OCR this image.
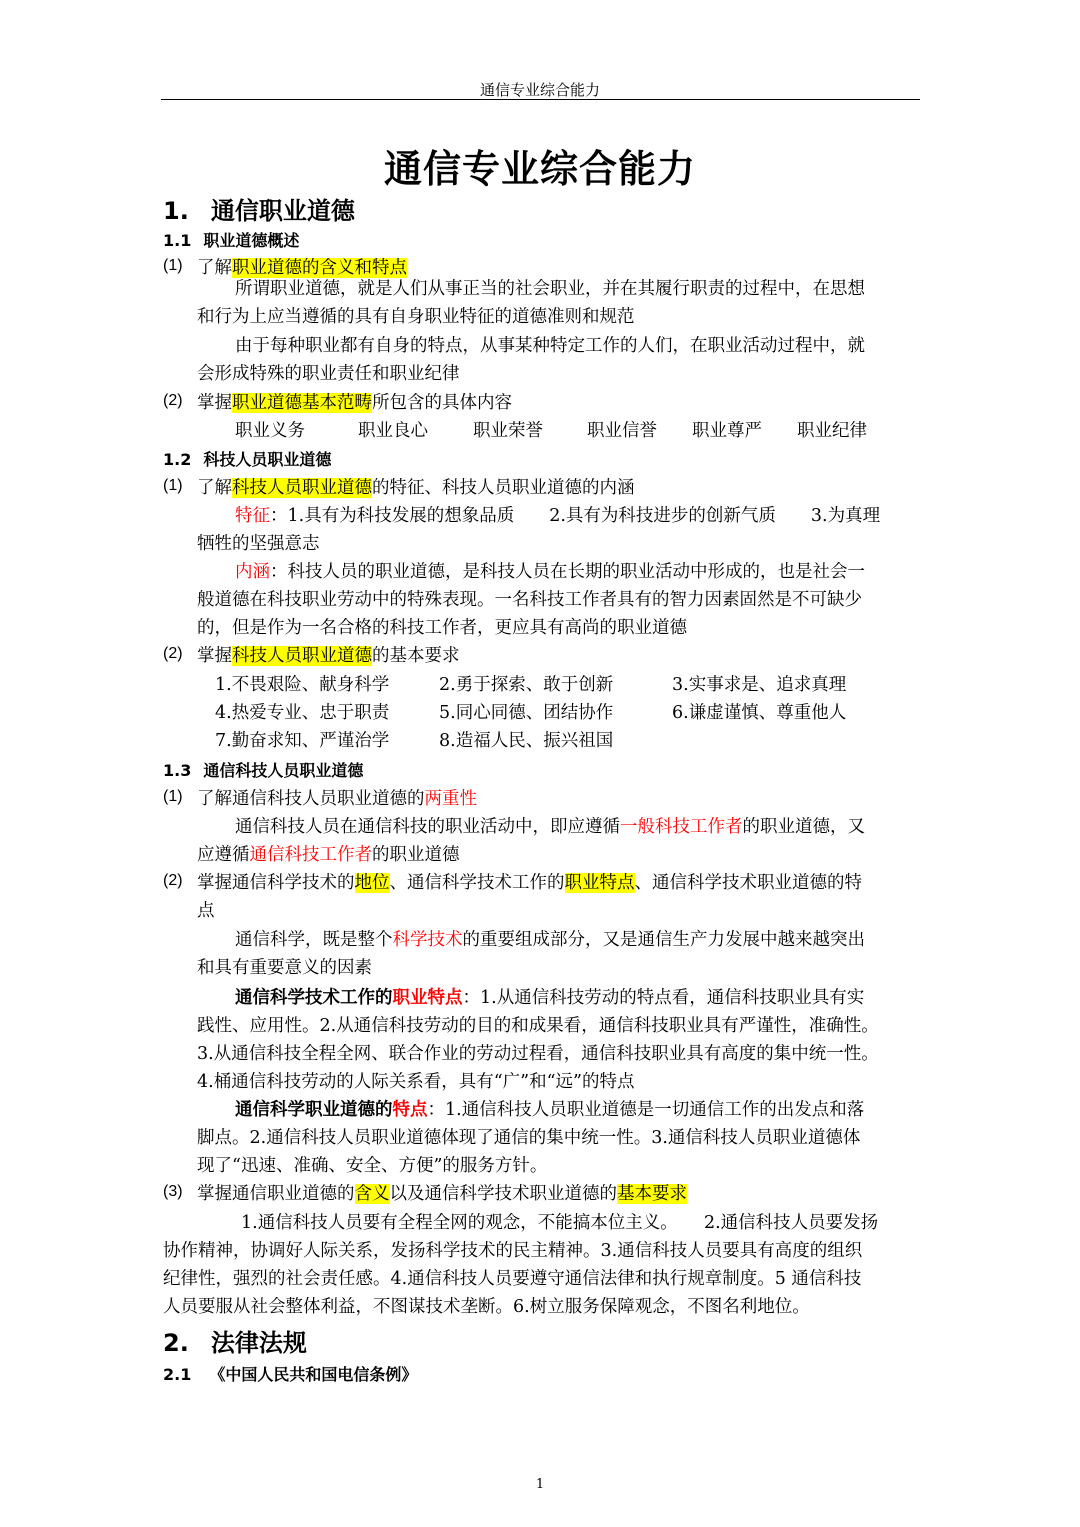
通信专业综合能力
通信专业综合能力
1. 通信职业道德
1.1 职业道德概述
(1) 了解职业道德的含义和特点
所谓职业道德，就是人们从事正当的社会职业，并在其履行职责的过程中，在思想
和行为上应当遵循的具有自身职业特征的道德准则和规范
由于每种职业都有自身的特点，从事某种特定工作的人们，在职业活动过程中，就
会形成特殊的职业责任和职业纪律
(2) 掌握职业道德基本范畴所包含的具体内容
职业义务	职业良心	职业荣誉	职业信誉 职业尊严 职业纪律
1.2 科技人员职业道德
(1) 了解科技人员职业道德的特征、科技人员职业道德的内涵
特征：1.具有为科技发展的想象品质　　2.具有为科技进步的创新气质　　3.为真理
牺牲的坚强意志
内涵：科技人员的职业道德，是科技人员在长期的职业活动中形成的，也是社会一
般道德在科技职业劳动中的特殊表现。一名科技工作者具有的智力因素固然是不可缺少
的，但是作为一名合格的科技工作者，更应具有高尚的职业道德
(2) 掌握科技人员职业道德的基本要求
1.不畏艰险、献身科学	2.勇于探索、敢于创新	3.实事求是、追求真理
4.热爱专业、忠于职责	5.同心同德、团结协作	6.谦虚谨慎、尊重他人
7.勤奋求知、严谨治学	8.造福人民、振兴祖国
1.3 通信科技人员职业道德
(1) 了解通信科技人员职业道德的两重性
通信科技人员在通信科技的职业活动中，即应遵循一般科技工作者的职业道德，又
应遵循通信科技工作者的职业道德
(2) 掌握通信科学技术的地位、通信科学技术工作的职业特点、通信科学技术职业道德的特
点
通信科学，既是整个科学技术的重要组成部分，又是通信生产力发展中越来越突出
和具有重要意义的因素
通信科学技术工作的职业特点：1.从通信科技劳动的特点看，通信科技职业具有实
践性、应用性。2.从通信科技劳动的目的和成果看，通信科技职业具有严谨性，准确性。
3.从通信科技全程全网、联合作业的劳动过程看，通信科技职业具有高度的集中统一性。
4.桶通信科技劳动的人际关系看，具有“广”和“远”的特点
通信科学职业道德的特点：1.通信科技人员职业道德是一切通信工作的出发点和落
脚点。2.通信科技人员职业道德体现了通信的集中统一性。3.通信科技人员职业道德体
现了“迅速、准确、安全、方便”的服务方针。
(3) 掌握通信职业道德的含义以及通信科学技术职业道德的基本要求
1.通信科技人员要有全程全网的观念，不能搞本位主义。　　2.通信科技人员要发扬
协作精神，协调好人际关系，发扬科学技术的民主精神。3.通信科技人员要具有高度的组织
纪律性，强烈的社会责任感。4.通信科技人员要遵守通信法律和执行规章制度。5 通信科技
人员要服从社会整体利益，不图谋技术垄断。6.树立服务保障观念，不图名利地位。
2. 法律法规
2.1 《中国人民共和国电信条例》
1
